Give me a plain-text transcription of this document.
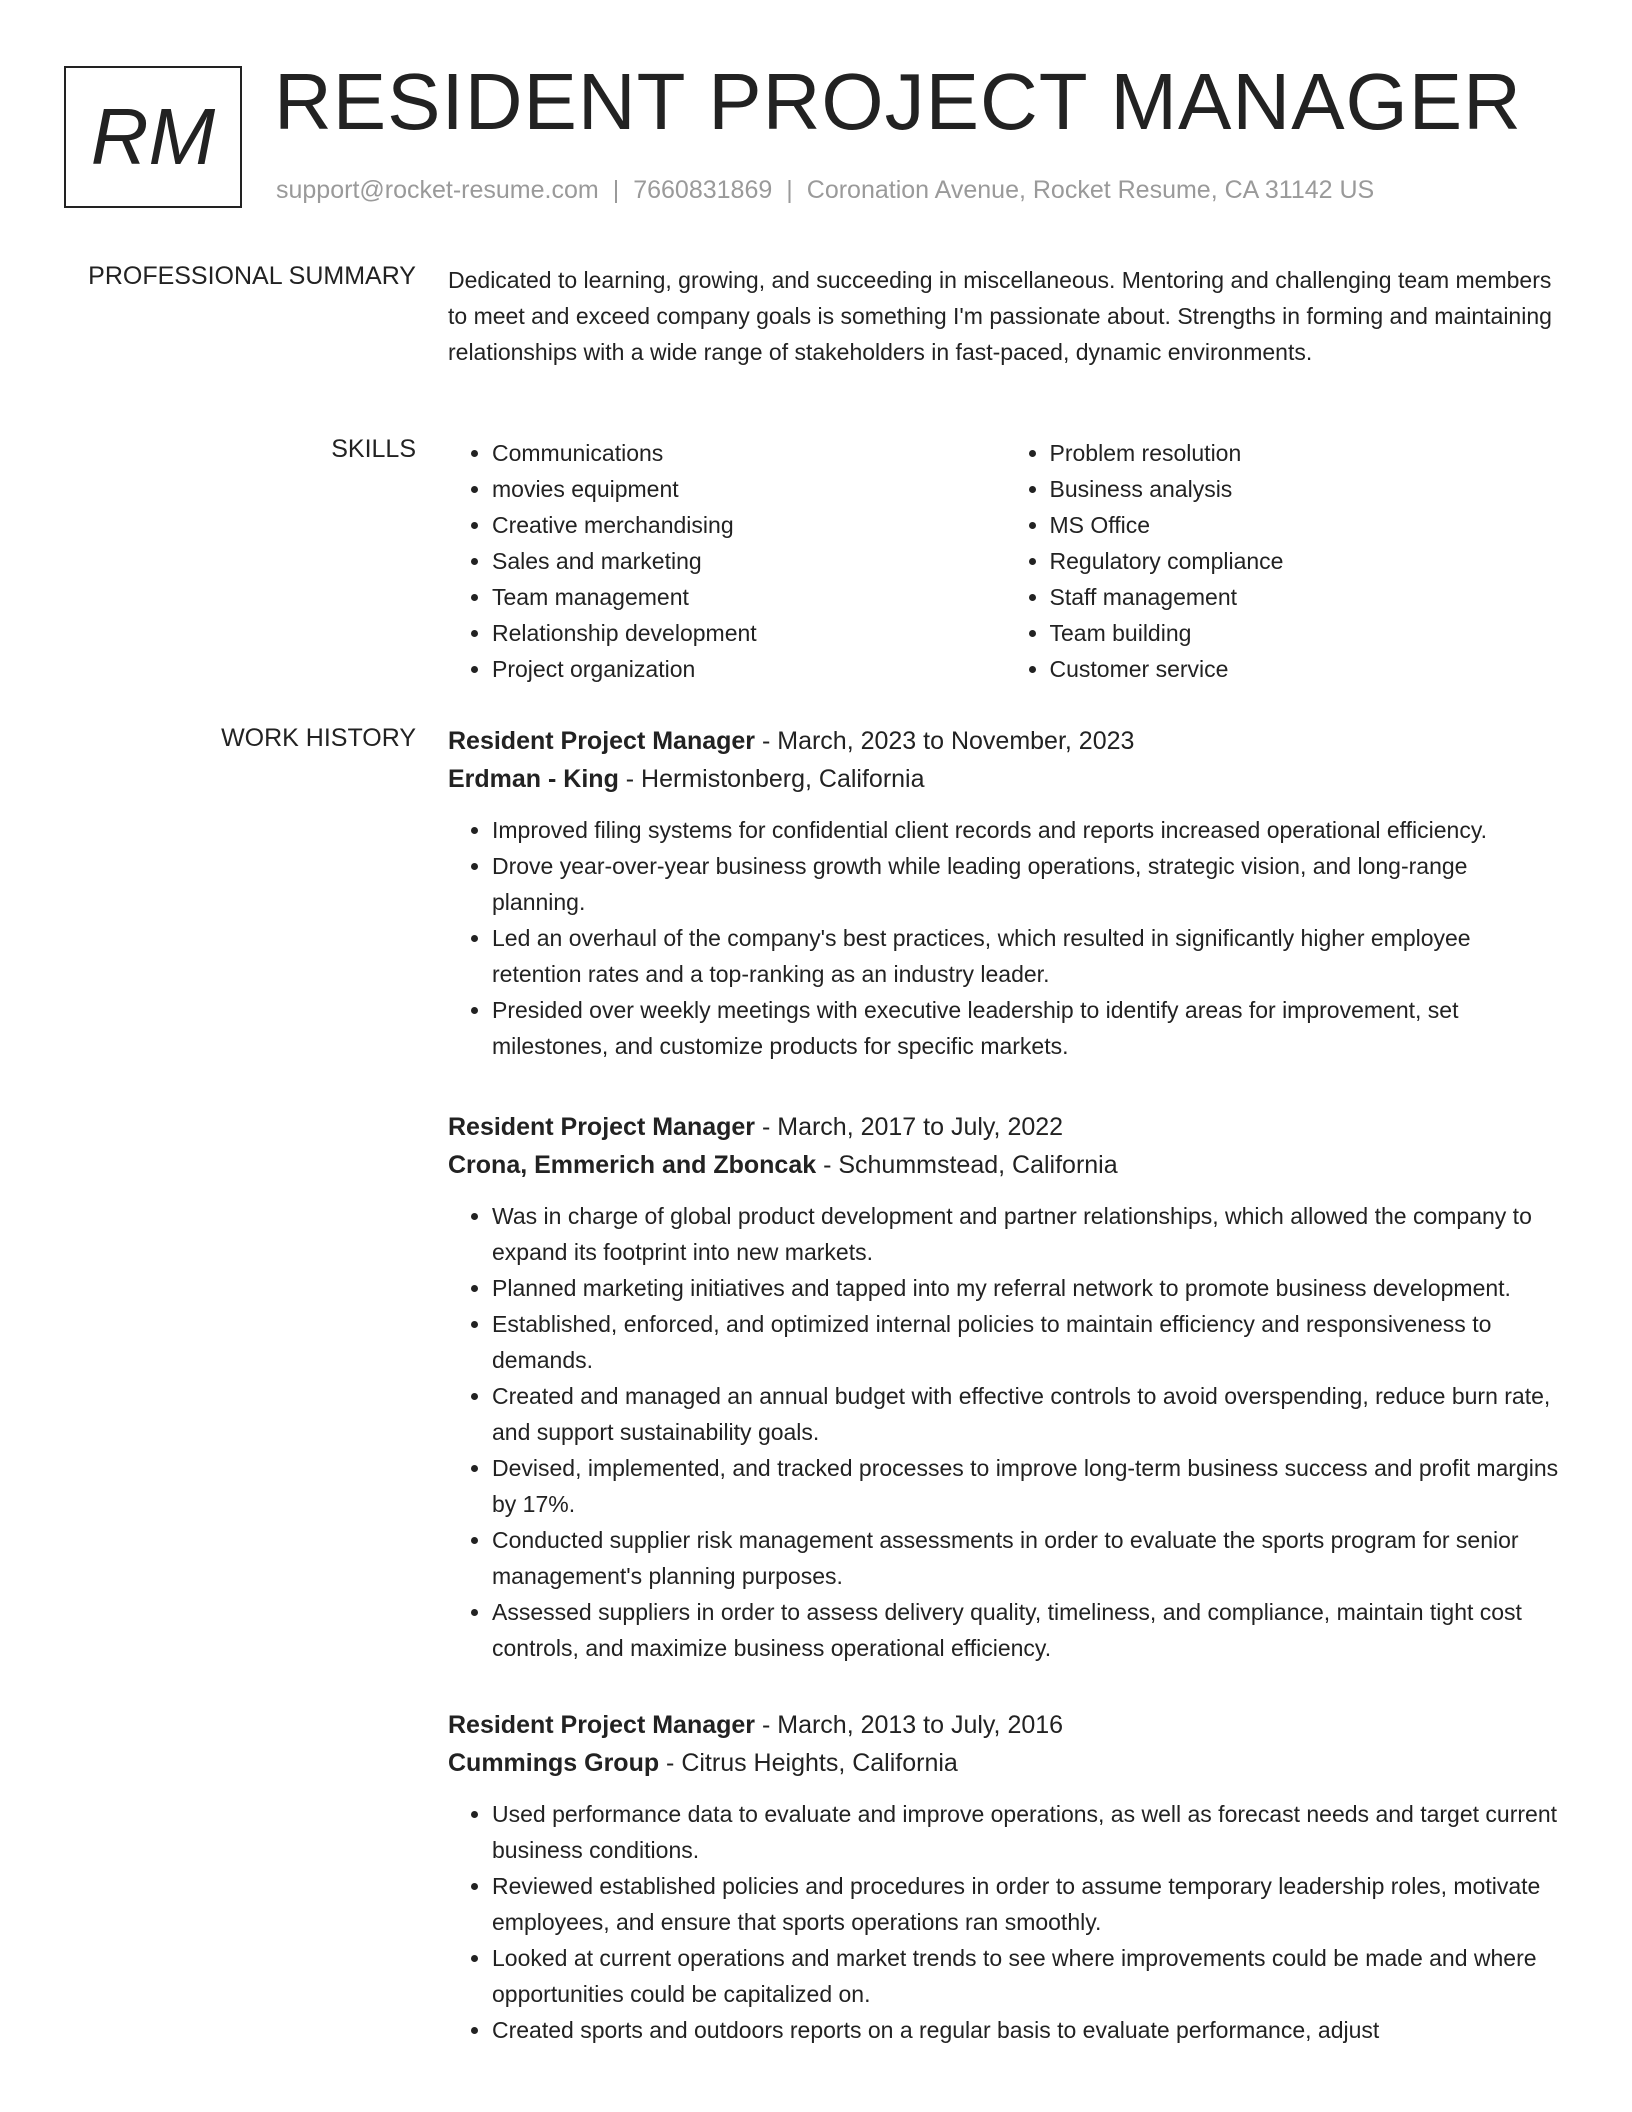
RM RESIDENT PROJECT MANAGER
support@rocket-resume.com | 7660831869 | Coronation Avenue, Rocket Resume, CA 31142 US
PROFESSIONAL SUMMARY Dedicated to learning, growing, and succeeding in miscellaneous. Mentoring and challenging team members to meet and exceed company goals is something I'm passionate about. Strengths in forming and maintaining relationships with a wide range of stakeholders in fast-paced, dynamic environments.

SKILLS
•	Communications
• movies equipment
• Creative merchandising
• Sales and marketing
• Team management
• Relationship development
• Project organization
• Problem resolution
• Business analysis
• MS Office
• Regulatory compliance
• Staff management
• Team building
• Customer service
WORK HISTORY Resident Project Manager - March, 2023 to November, 2023
Erdman - King - Hermistonberg, California
• Improved filing systems for confidential client records and reports increased operational efficiency.
• Drove year-over-year business growth while leading operations, strategic vision, and long-range planning.
• Led an overhaul of the company's best practices, which resulted in significantly higher employee retention rates and a top-ranking as an industry leader.
• Presided over weekly meetings with executive leadership to identify areas for improvement, set milestones, and customize products for specific markets.
Resident Project Manager - March, 2017 to July, 2022
Crona, Emmerich and Zboncak - Schummstead, California
• Was in charge of global product development and partner relationships, which allowed the company to expand its footprint into new markets.
• Planned marketing initiatives and tapped into my referral network to promote business development.
• Established, enforced, and optimized internal policies to maintain efficiency and responsiveness to demands.
• Created and managed an annual budget with effective controls to avoid overspending, reduce burn rate, and support sustainability goals.
• Devised, implemented, and tracked processes to improve long-term business success and profit margins by 17%.
• Conducted supplier risk management assessments in order to evaluate the sports program for senior management's planning purposes.
• Assessed suppliers in order to assess delivery quality, timeliness, and compliance, maintain tight cost controls, and maximize business operational efficiency.
Resident Project Manager - March, 2013 to July, 2016
Cummings Group - Citrus Heights, California
• Used performance data to evaluate and improve operations, as well as forecast needs and target current business conditions.
• Reviewed established policies and procedures in order to assume temporary leadership roles, motivate employees, and ensure that sports operations ran smoothly.
• Looked at current operations and market trends to see where improvements could be made and where opportunities could be capitalized on.
• Created sports and outdoors reports on a regular basis to evaluate performance, adjust
